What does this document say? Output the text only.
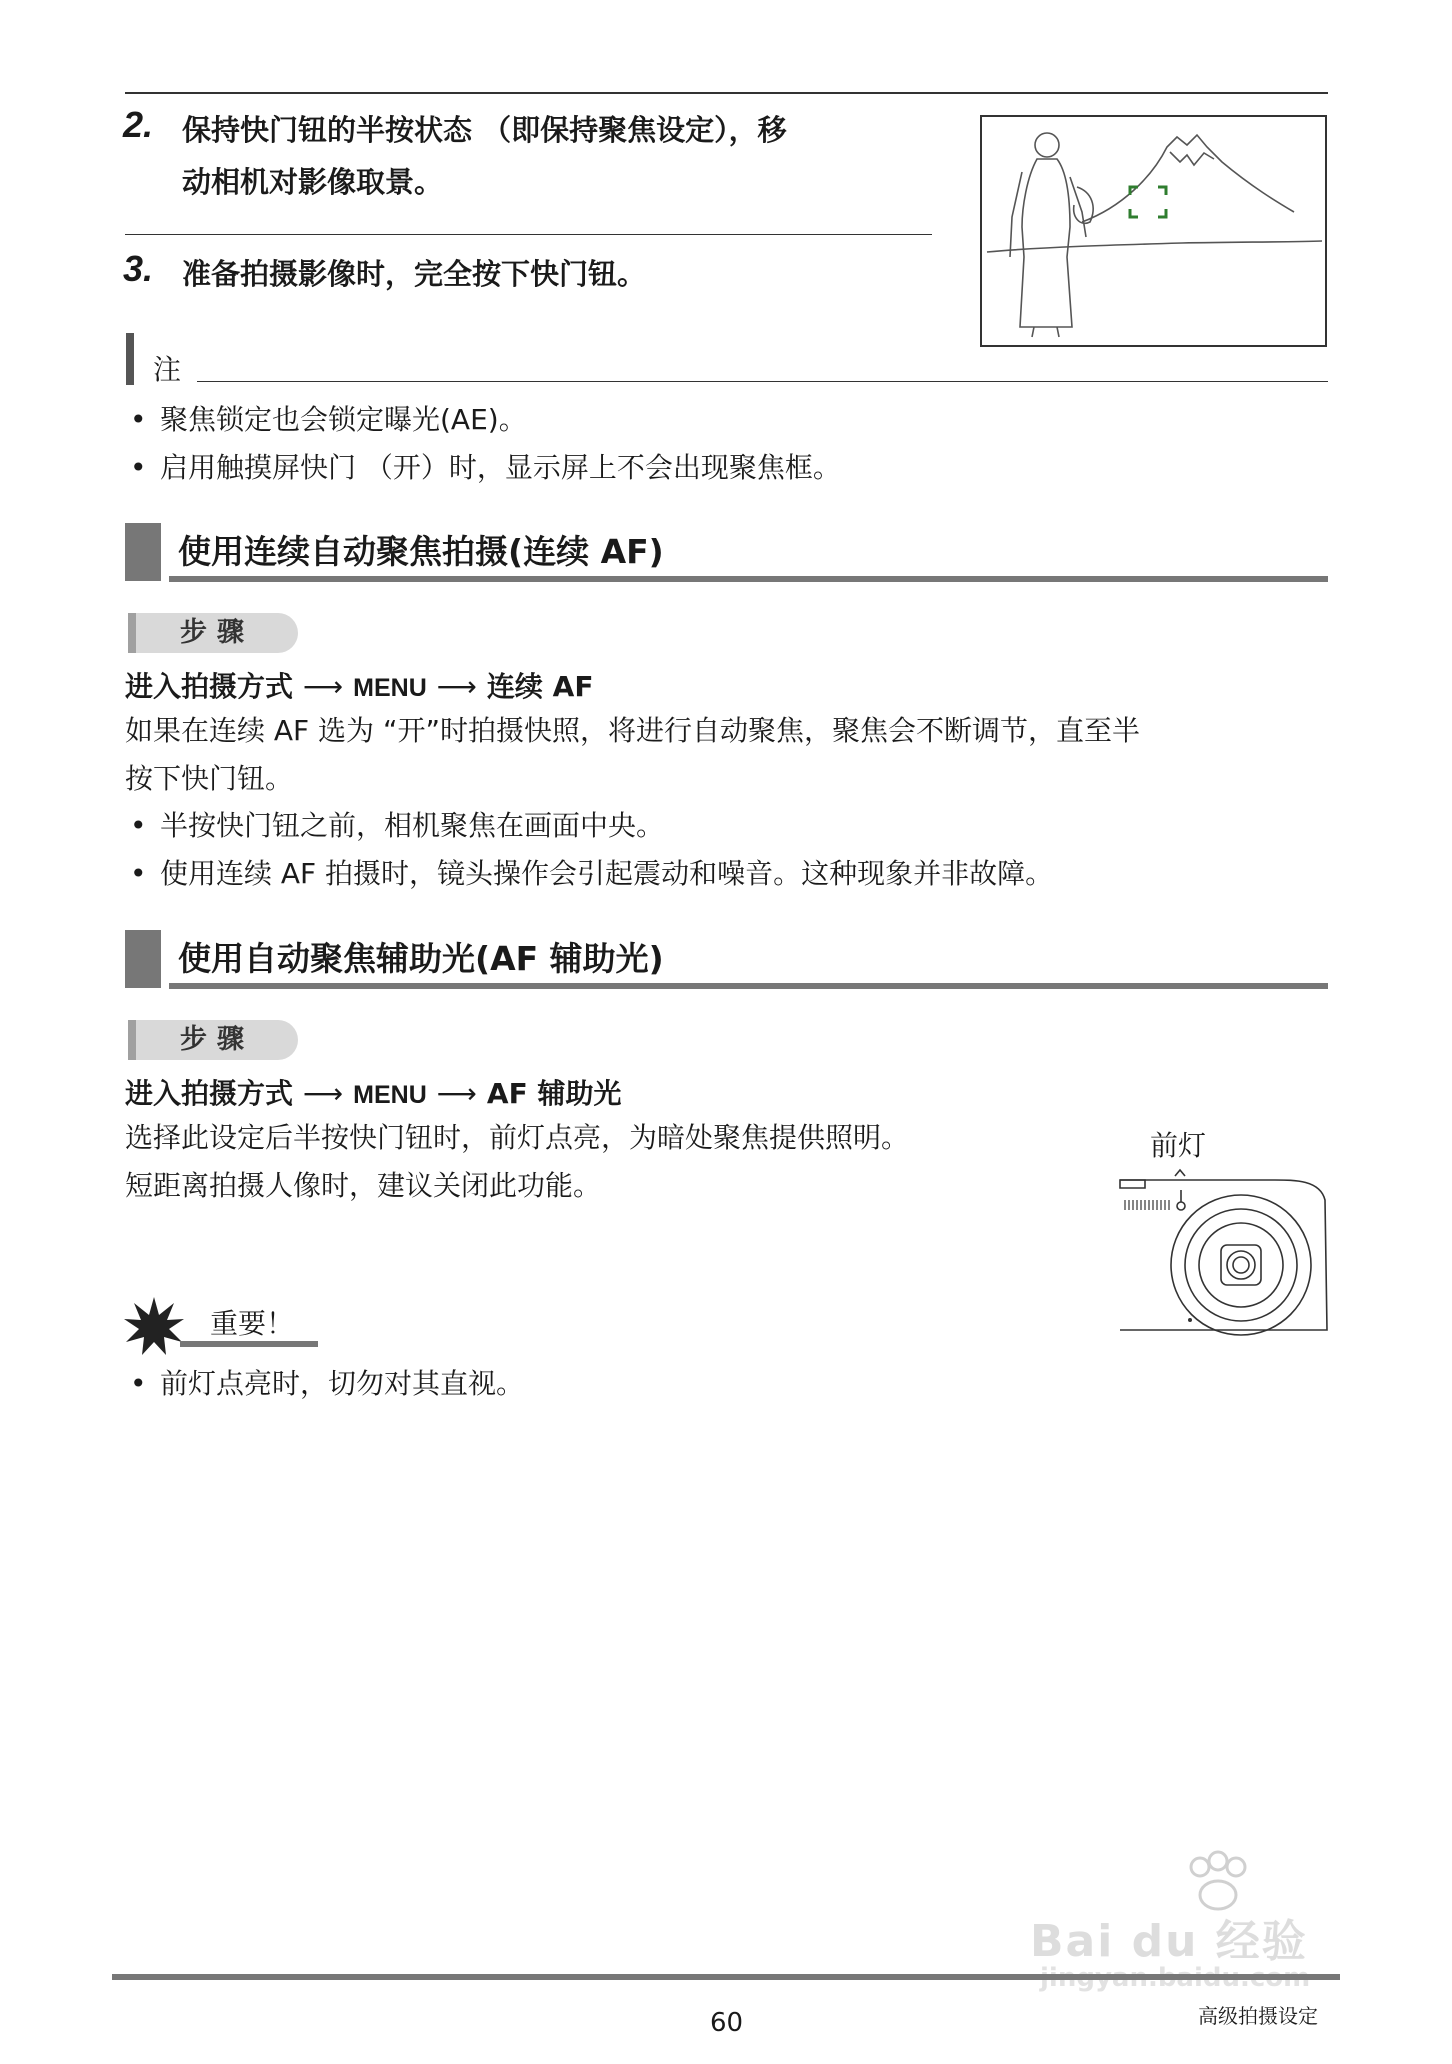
2. 保持快门钮的半按状态 （即保持聚焦设定），移
动相机对影像取景。
3. 准备拍摄影像时，完全按下快门钮。
注
• 聚焦锁定也会锁定曝光(AE)。
• 启用触摸屏快门 （开）时，显示屏上不会出现聚焦框。
使用连续自动聚焦拍摄(连续 AF)
步骤
进入拍摄方式 ⟶ MENU ⟶ 连续 AF
如果在连续 AF 选为 “开”时拍摄快照，将进行自动聚焦，聚焦会不断调节，直至半
按下快门钮。
• 半按快门钮之前，相机聚焦在画面中央。
• 使用连续 AF 拍摄时，镜头操作会引起震动和噪音。这种现象并非故障。
使用自动聚焦辅助光(AF 辅助光)
步骤
进入拍摄方式 ⟶ MENU ⟶ AF 辅助光
选择此设定后半按快门钮时，前灯点亮，为暗处聚焦提供照明。
短距离拍摄人像时，建议关闭此功能。
前灯
重要！
• 前灯点亮时，切勿对其直视。
Bai du 经验
60	高级拍摄设定
